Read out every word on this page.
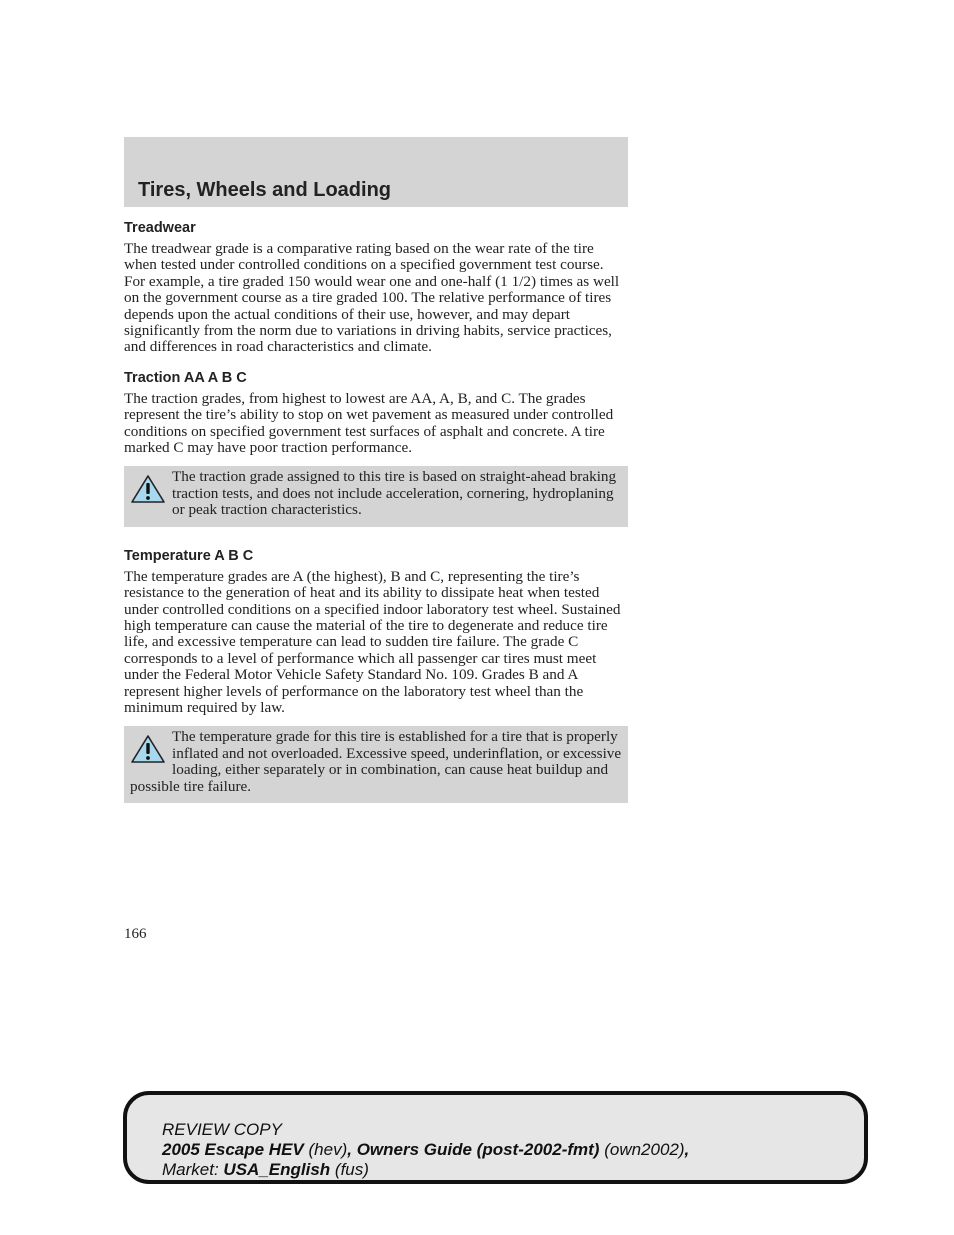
Tires, Wheels and Loading
Treadwear

The treadwear grade is a comparative rating based on the wear rate of the tire when tested under controlled conditions on a specified government test course. For example, a tire graded 150 would wear one and one-half (1 1/2) times as well on the government course as a tire graded 100. The relative performance of tires depends upon the actual conditions of their use, however, and may depart significantly from the norm due to variations in driving habits, service practices, and differences in road characteristics and climate.

Traction AA A B C

The traction grades, from highest to lowest are AA, A, B, and C. The grades represent the tire’s ability to stop on wet pavement as measured under controlled conditions on specified government test surfaces of asphalt and concrete. A tire marked C may have poor traction performance.

The traction grade assigned to this tire is based on straight-ahead braking traction tests, and does not include acceleration, cornering, hydroplaning or peak traction characteristics.

Temperature A B C

The temperature grades are A (the highest), B and C, representing the tire’s resistance to the generation of heat and its ability to dissipate heat when tested under controlled conditions on a specified indoor laboratory test wheel. Sustained high temperature can cause the material of the tire to degenerate and reduce tire life, and excessive temperature can lead to sudden tire failure. The grade C corresponds to a level of performance which all passenger car tires must meet under the Federal Motor Vehicle Safety Standard No. 109. Grades B and A represent higher levels of performance on the laboratory test wheel than the minimum required by law.

The temperature grade for this tire is established for a tire that is properly inflated and not overloaded. Excessive speed, underinflation, or excessive loading, either separately or in combination, can cause heat buildup and possible tire failure.

166

REVIEW COPY
2005 Escape HEV (hev), Owners Guide (post-2002-fmt) (own2002),
Market: USA_English (fus)
